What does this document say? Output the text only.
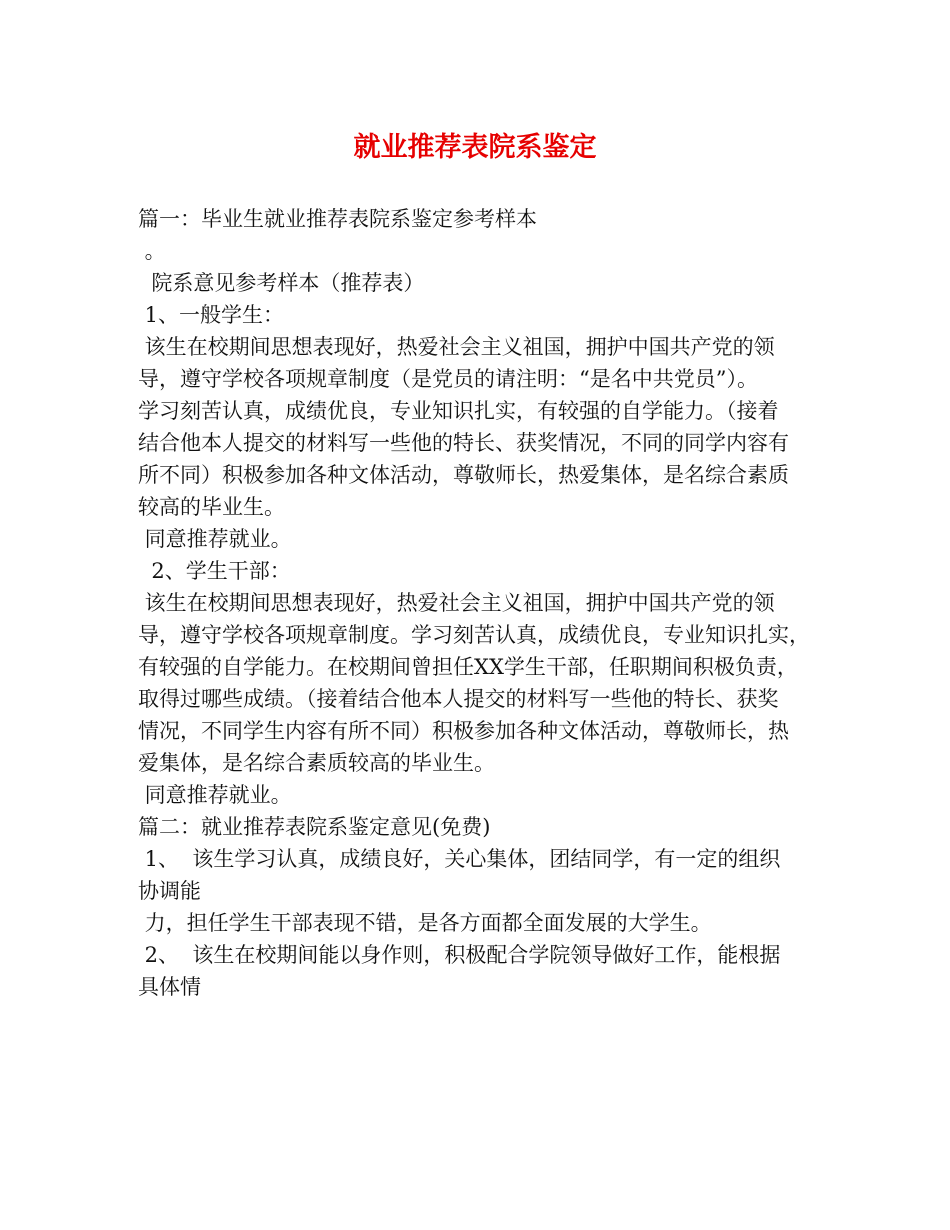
就业推荐表院系鉴定

篇一：毕业生就业推荐表院系鉴定参考样本

。

院系意见参考样本（推荐表）

1、一般学生：

该生在校期间思想表现好，热爱社会主义祖国，拥护中国共产党的领

导，遵守学校各项规章制度（是党员的请注明：“是名中共党员”）。

学习刻苦认真，成绩优良，专业知识扎实，有较强的自学能力。（接着

结合他本人提交的材料写一些他的特长、获奖情况，不同的同学内容有

所不同）积极参加各种文体活动，尊敬师长，热爱集体，是名综合素质

较高的毕业生。

同意推荐就业。

2、学生干部：

该生在校期间思想表现好，热爱社会主义祖国，拥护中国共产党的领

导，遵守学校各项规章制度。学习刻苦认真，成绩优良，专业知识扎实，

有较强的自学能力。在校期间曾担任XX学生干部，任职期间积极负责，

取得过哪些成绩。（接着结合他本人提交的材料写一些他的特长、获奖

情况，不同学生内容有所不同）积极参加各种文体活动，尊敬师长，热

爱集体，是名综合素质较高的毕业生。

同意推荐就业。

篇二：就业推荐表院系鉴定意见(免费)

1、  该生学习认真，成绩良好，关心集体，团结同学，有一定的组织

协调能

力，担任学生干部表现不错，是各方面都全面发展的大学生。

2、  该生在校期间能以身作则，积极配合学院领导做好工作，能根据

具体情
